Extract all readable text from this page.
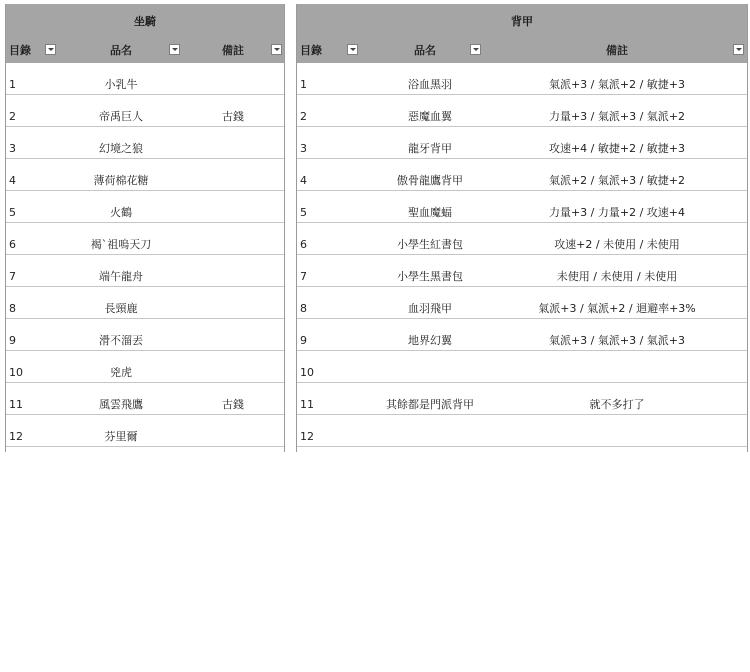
坐騎
目錄	品名	備註
1	小乳牛
2	帝禹巨人	古錢
3	幻境之狼
4	薄荷棉花糖
5	火鶴
6	褐ˋ祖嗚天刀
7	端午龍舟
8	長頸鹿
9	滑不溜丟
10	兇虎
11	風雲飛鷹	古錢
12	芬里爾
背甲
目錄	品名	備註
1	浴血黑羽	氣派+3 / 氣派+2 / 敏捷+3
2	惡魔血翼	力量+3 / 氣派+3 / 氣派+2
3	龍牙背甲	攻速+4 / 敏捷+2 / 敏捷+3
4	傲骨龍鷹背甲	氣派+2 / 氣派+3 / 敏捷+2
5	聖血魔蝠	力量+3 / 力量+2 / 攻速+4
6	小學生紅書包	攻速+2 / 未使用 / 未使用
7	小學生黑書包	未使用 / 未使用 / 未使用
8	血羽飛甲	氣派+3 / 氣派+2 / 迴避率+3%
9	地界幻翼	氣派+3 / 氣派+3 / 氣派+3
10
11	其餘都是門派背甲	就不多打了
12
